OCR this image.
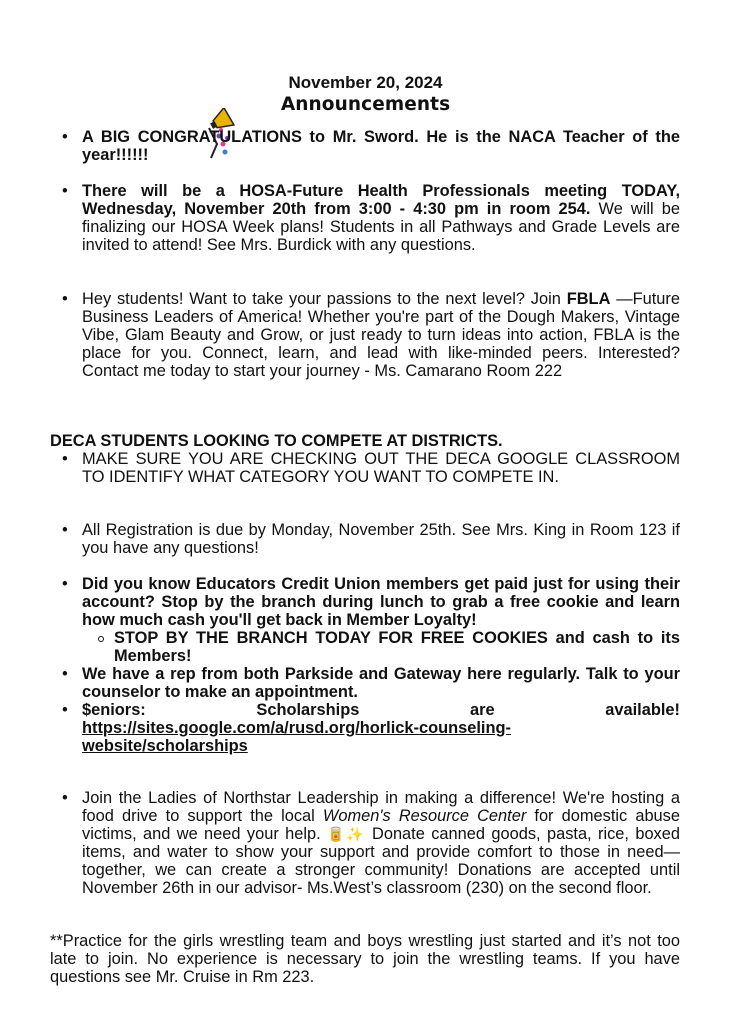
November 20, 2024
Announcements
• A BIG CONGRATULATIONS to Mr. Sword. He is the NACA Teacher of the year!!!!!!
• There will be a HOSA-Future Health Professionals meeting TODAY, Wednesday, November 20th from 3:00 - 4:30 pm in room 254. We will be finalizing our HOSA Week plans! Students in all Pathways and Grade Levels are invited to attend! See Mrs. Burdick with any questions.
• Hey students! Want to take your passions to the next level? Join FBLA —Future Business Leaders of America! Whether you're part of the Dough Makers, Vintage Vibe, Glam Beauty and Grow, or just ready to turn ideas into action, FBLA is the place for you. Connect, learn, and lead with like-minded peers. Interested? Contact me today to start your journey - Ms. Camarano Room 222
DECA STUDENTS LOOKING TO COMPETE AT DISTRICTS.
• MAKE SURE YOU ARE CHECKING OUT THE DECA GOOGLE CLASSROOM TO IDENTIFY WHAT CATEGORY YOU WANT TO COMPETE IN.
• All Registration is due by Monday, November 25th. See Mrs. King in Room 123 if you have any questions!
• Did you know Educators Credit Union members get paid just for using their account? Stop by the branch during lunch to grab a free cookie and learn how much cash you'll get back in Member Loyalty!
STOP BY THE BRANCH TODAY FOR FREE COOKIES and cash to its Members!
• We have a rep from both Parkside and Gateway here regularly. Talk to your counselor to make an appointment.
• $eniors:	Scholarships	are	available!
https://sites.google.com/a/rusd.org/horlick-counseling-website/scholarships
• Join the Ladies of Northstar Leadership in making a difference! We're hosting a food drive to support the local Women's Resource Center for domestic abuse victims, and we need your help. 🥫✨ Donate canned goods, pasta, rice, boxed items, and water to show your support and provide comfort to those in need—together, we can create a stronger community! Donations are accepted until November 26th in our advisor- Ms.West’s classroom (230) on the second floor.
**Practice for the girls wrestling team and boys wrestling just started and it’s not too late to join. No experience is necessary to join the wrestling teams. If you have questions see Mr. Cruise in Rm 223.
